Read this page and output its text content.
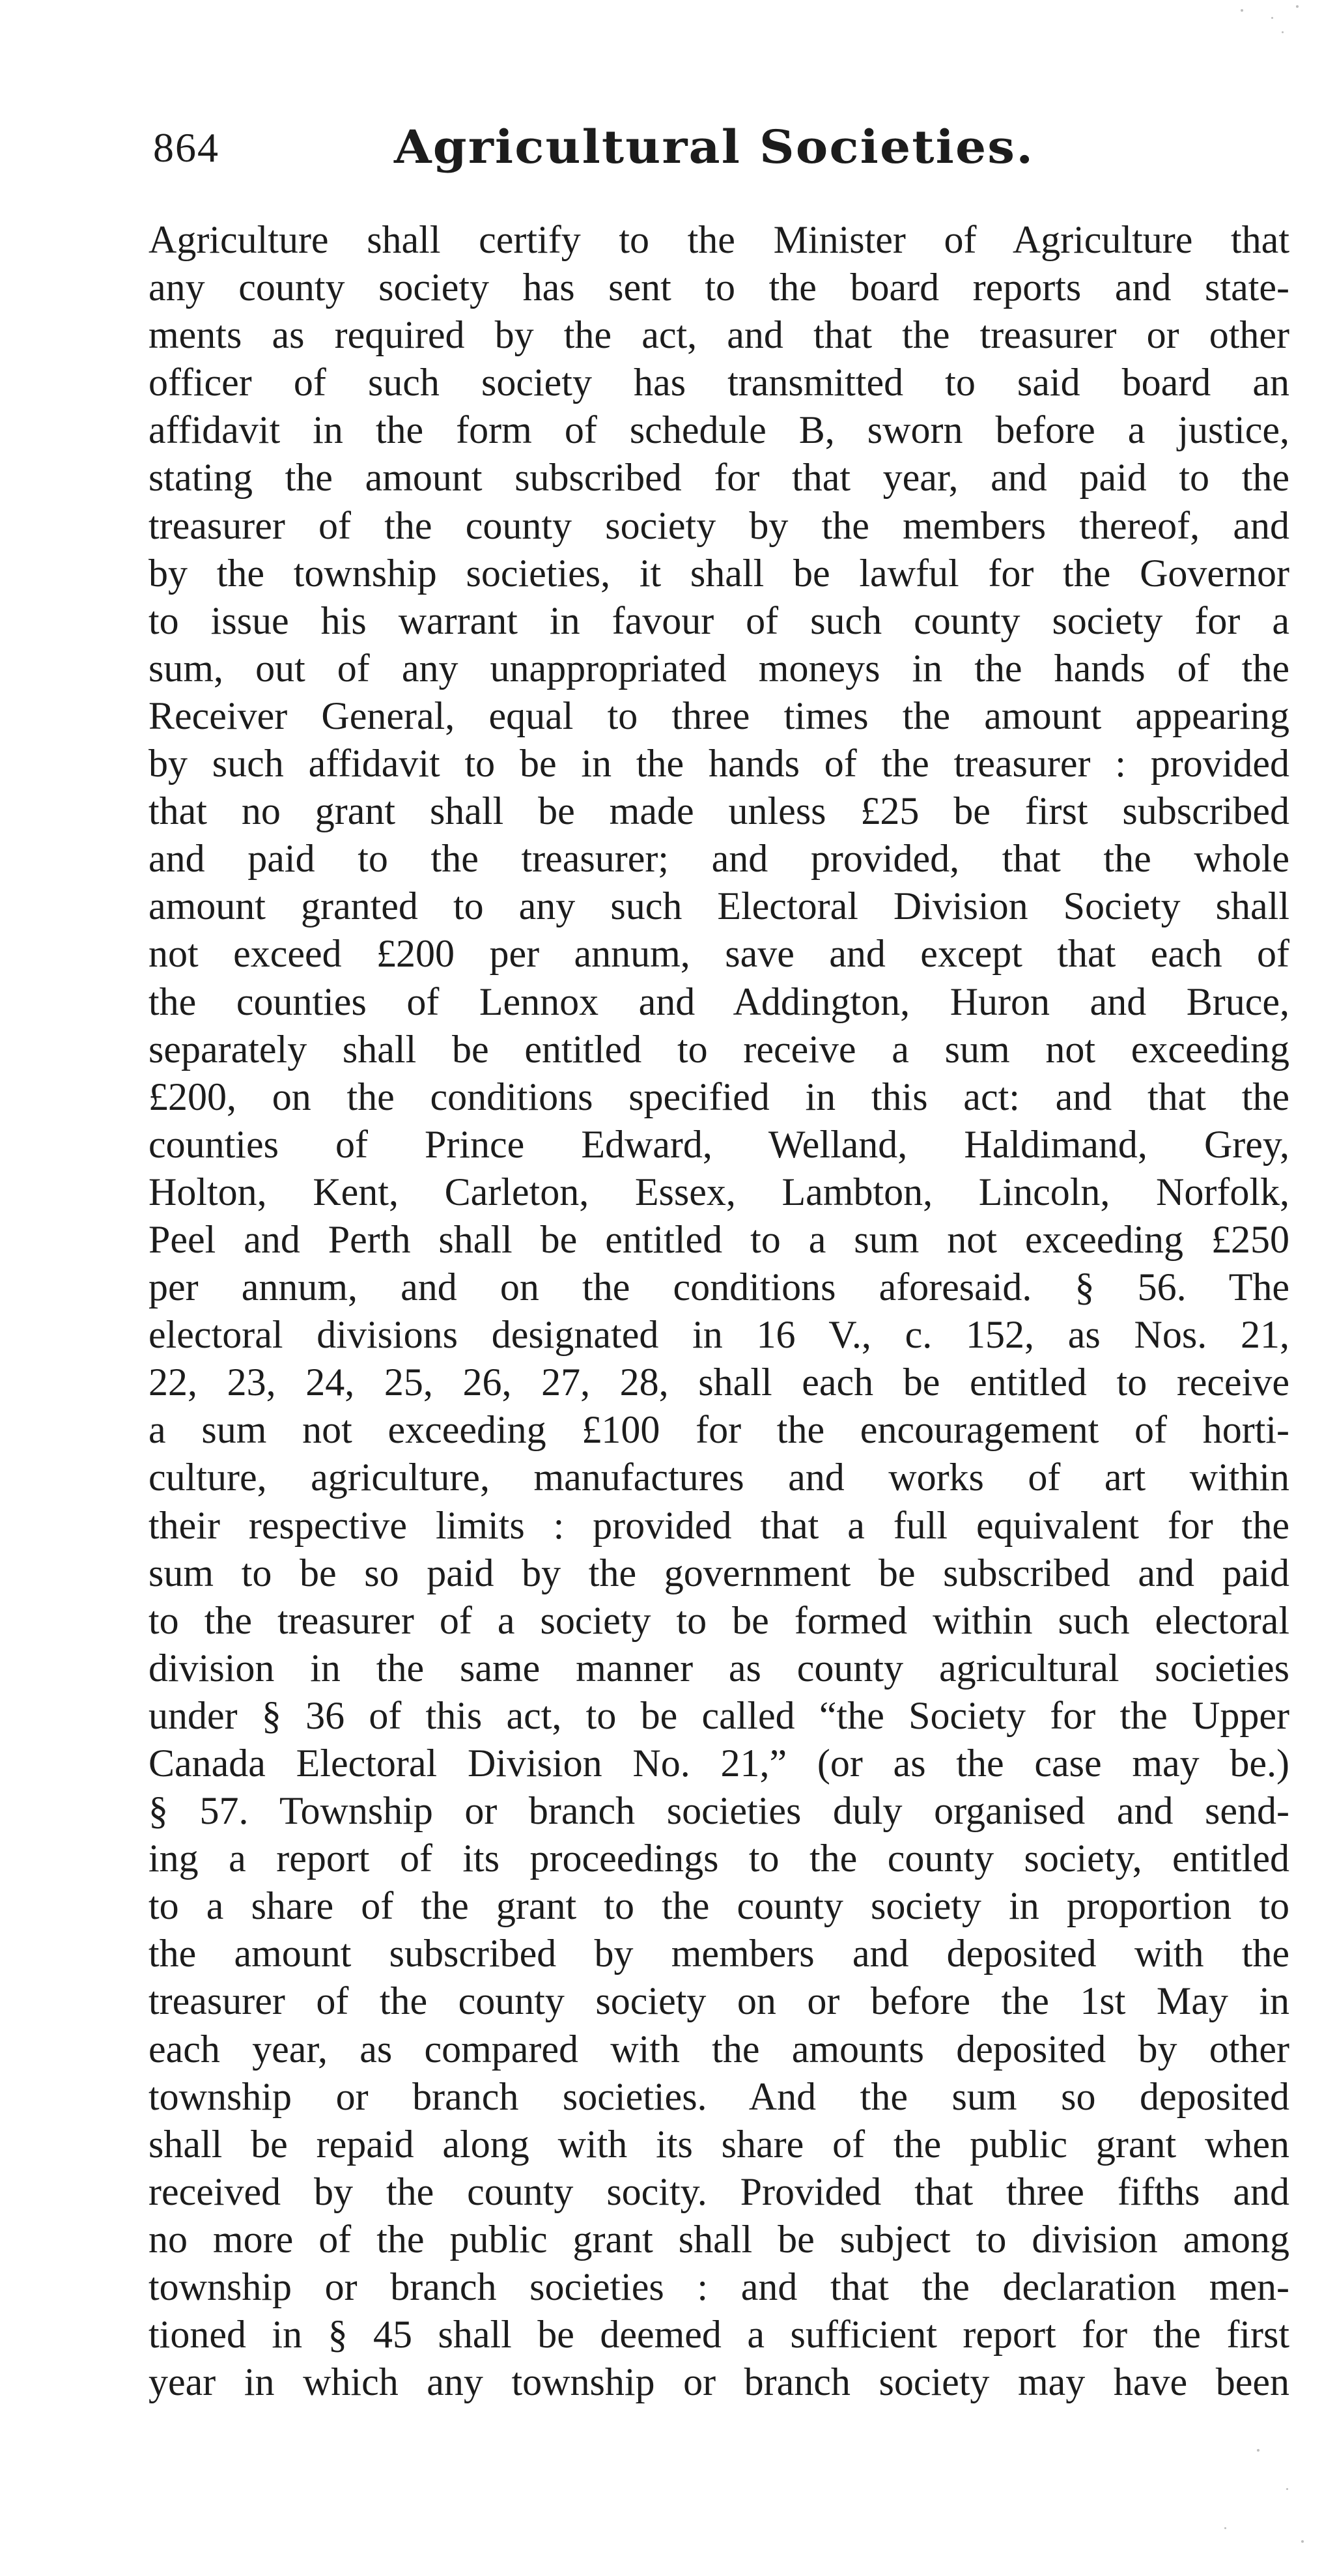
864	Agricultural Societies.
Agriculture shall certify to the Minister of Agriculture that
any county society has sent to the board reports and state-
ments as required by the act, and that the treasurer or other
officer of such society has transmitted to said board an
affidavit in the form of schedule B, sworn before a justice,
stating the amount subscribed for that year, and paid to the
treasurer of the county society by the members thereof, and
by the township societies, it shall be lawful for the Governor
to issue his warrant in favour of such county society for a
sum, out of any unappropriated moneys in the hands of the
Receiver General, equal to three times the amount appearing
by such affidavit to be in the hands of the treasurer : provided
that no grant shall be made unless £25 be first subscribed
and paid to the treasurer; and provided, that the whole
amount granted to any such Electoral Division Society shall
not exceed £200 per annum, save and except that each of
the counties of Lennox and Addington, Huron and Bruce,
separately shall be entitled to receive a sum not exceeding
£200, on the conditions specified in this act: and that the
counties of Prince Edward, Welland, Haldimand, Grey,
Holton, Kent, Carleton, Essex, Lambton, Lincoln, Norfolk,
Peel and Perth shall be entitled to a sum not exceeding £250
per annum, and on the conditions aforesaid. § 56. The
electoral divisions designated in 16 V., c. 152, as Nos. 21,
22, 23, 24, 25, 26, 27, 28, shall each be entitled to receive
a sum not exceeding £100 for the encouragement of horti-
culture, agriculture, manufactures and works of art within
their respective limits : provided that a full equivalent for the
sum to be so paid by the government be subscribed and paid
to the treasurer of a society to be formed within such electoral
division in the same manner as county agricultural societies
under § 36 of this act, to be called “the Society for the Upper
Canada Electoral Division No. 21,” (or as the case may be.)
§ 57. Township or branch societies duly organised and send-
ing a report of its proceedings to the county society, entitled
to a share of the grant to the county society in proportion to
the amount subscribed by members and deposited with the
treasurer of the county society on or before the 1st May in
each year, as compared with the amounts deposited by other
township or branch societies. And the sum so deposited
shall be repaid along with its share of the public grant when
received by the county socity. Provided that three fifths and
no more of the public grant shall be subject to division among
township or branch societies : and that the declaration men-
tioned in § 45 shall be deemed a sufficient report for the first
year in which any township or branch society may have been
